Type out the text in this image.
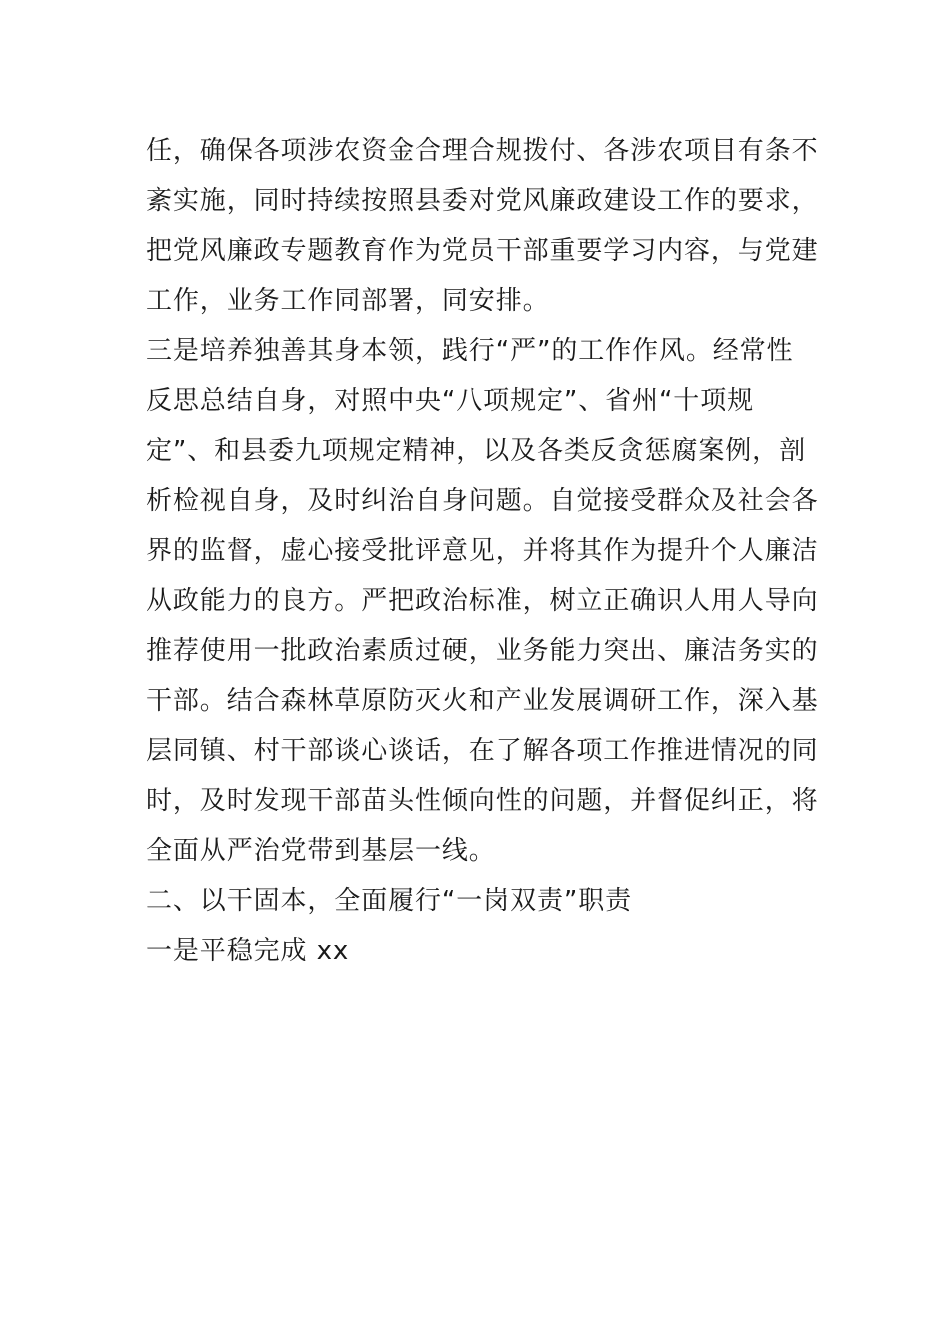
任，确保各项涉农资金合理合规拨付、各涉农项目有条不
紊实施，同时持续按照县委对党风廉政建设工作的要求，
把党风廉政专题教育作为党员干部重要学习内容，与党建
工作，业务工作同部署，同安排。
三是培养独善其身本领，践行“严”的工作作风。经常性
反思总结自身，对照中央“八项规定”、省州“十项规
定”、和县委九项规定精神，以及各类反贪惩腐案例，剖
析检视自身，及时纠治自身问题。自觉接受群众及社会各
界的监督，虚心接受批评意见，并将其作为提升个人廉洁
从政能力的良方。严把政治标准，树立正确识人用人导向
推荐使用一批政治素质过硬，业务能力突出、廉洁务实的
干部。结合森林草原防灭火和产业发展调研工作，深入基
层同镇、村干部谈心谈话，在了解各项工作推进情况的同
时，及时发现干部苗头性倾向性的问题，并督促纠正，将
全面从严治党带到基层一线。
二、以干固本，全面履行“一岗双责”职责
一是平稳完成 xx
